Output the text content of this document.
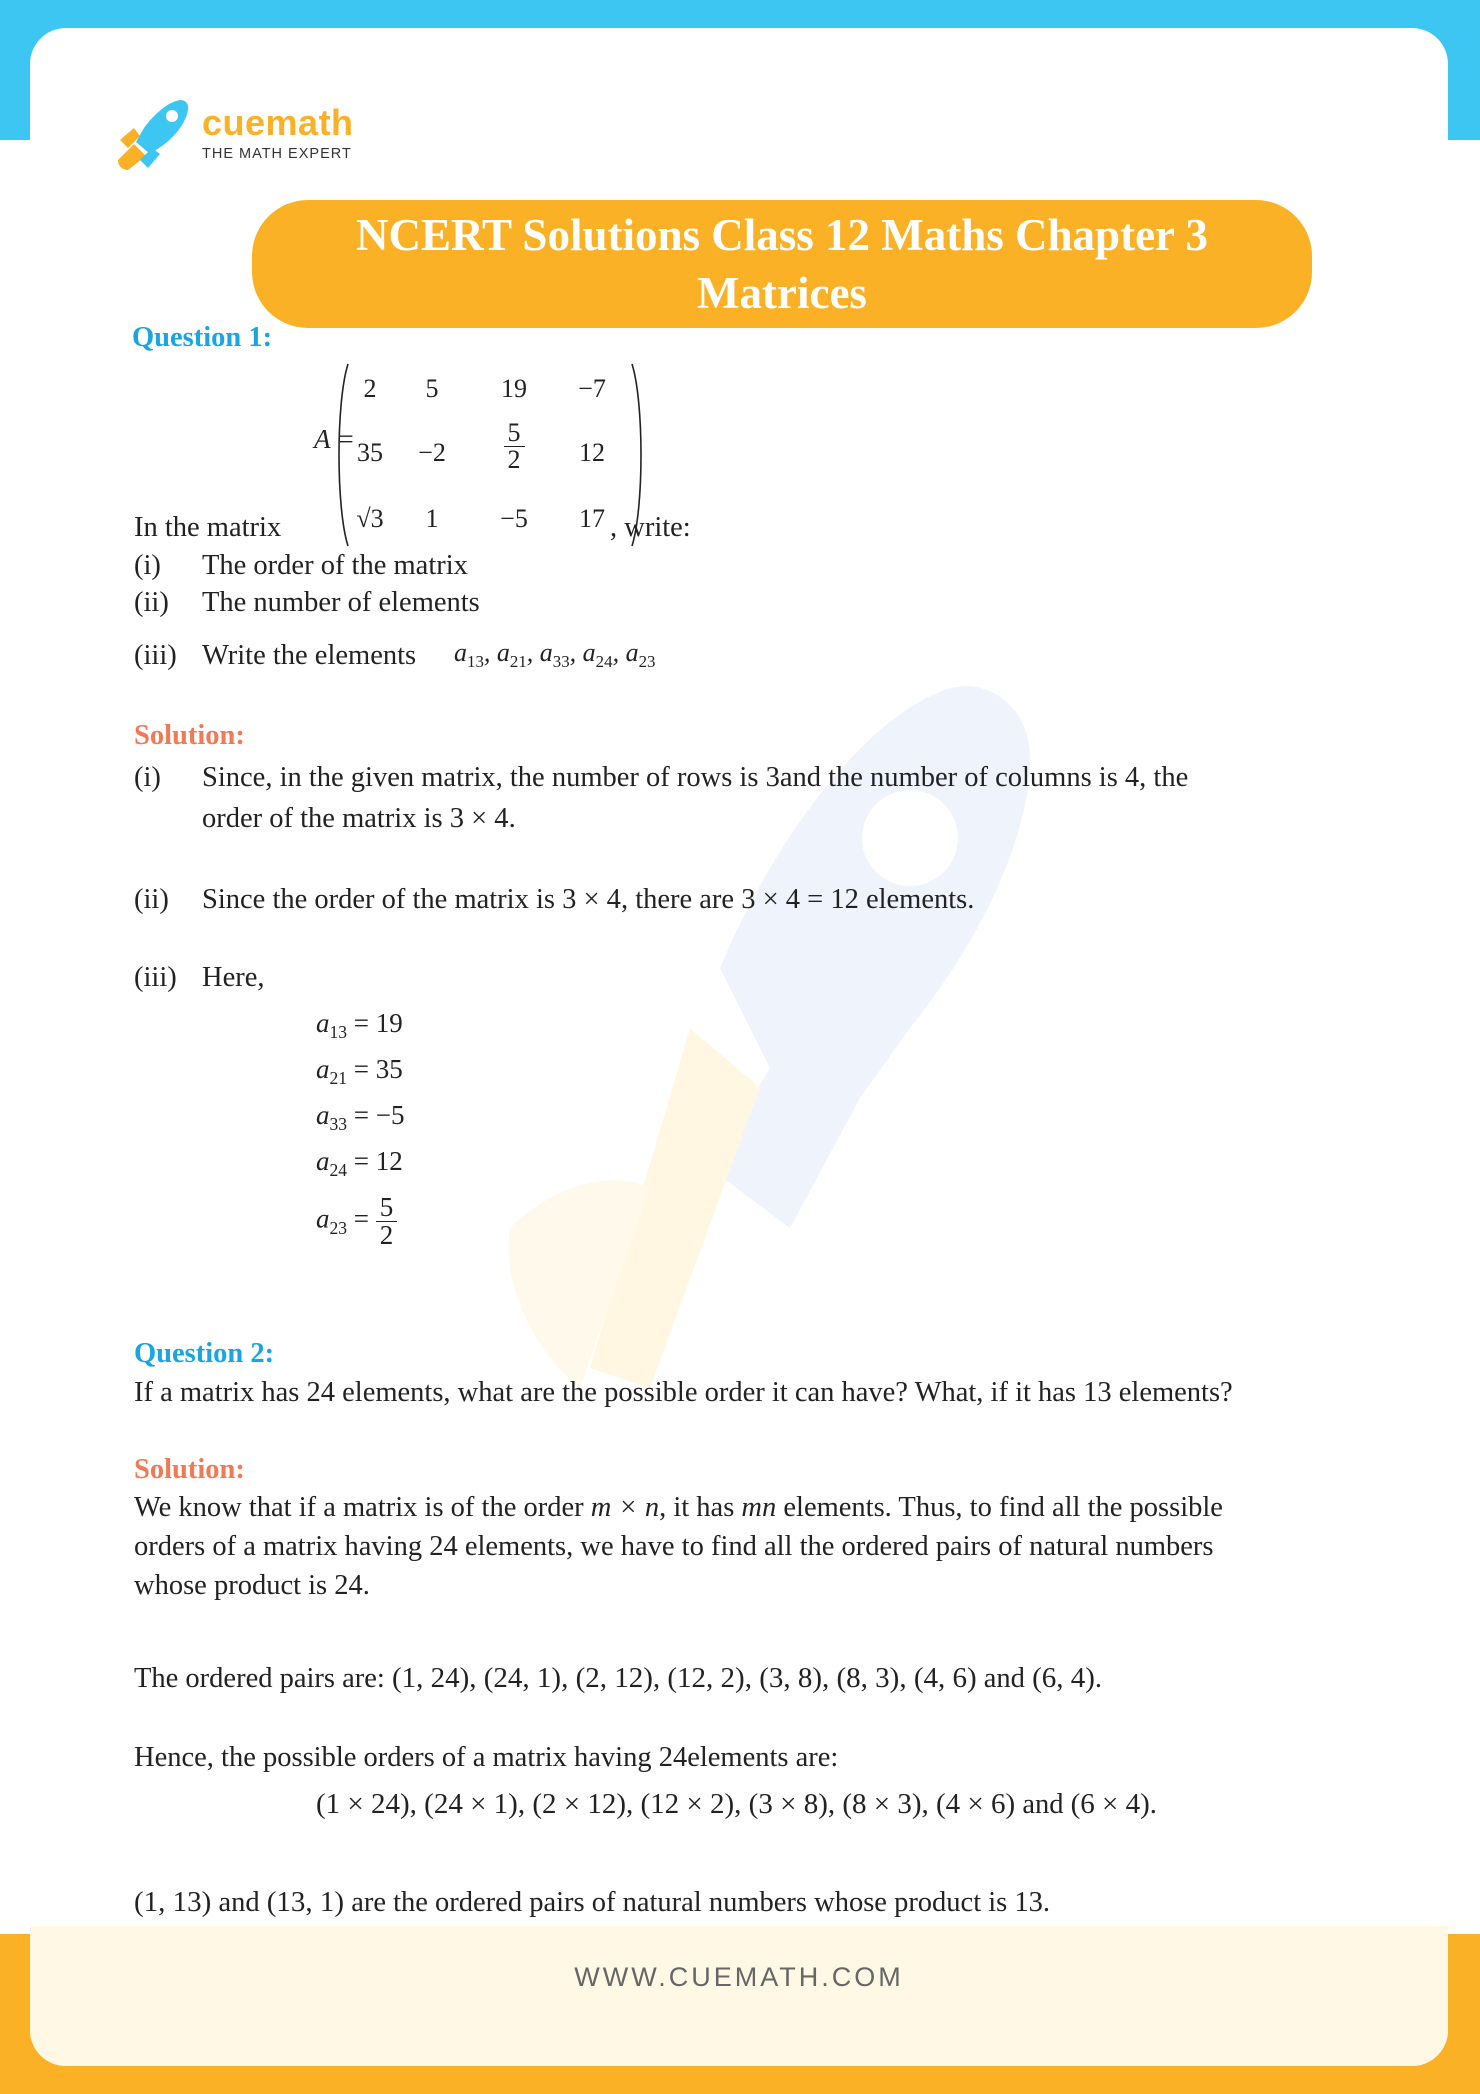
cuemath
THE MATH EXPERT
NCERT Solutions Class 12 Maths Chapter 3
Matrices
Question 1:
A =
2	5	19	−7
35	−2	$\frac{5}{2}$	12
√3	1	−5	17
In the matrix	, write:
(i) The order of the matrix
(ii) The number of elements
(iii) Write the elements $a_{13}$, $a_{21}$, $a_{33}$, $a_{24}$, $a_{23}$
Solution:
(i) Since, in the given matrix, the number of rows is 3and the number of columns is 4, the
order of the matrix is 3 × 4.
(ii) Since the order of the matrix is 3 × 4, there are 3 × 4 = 12 elements.
(iii) Here,
$a_{13} = 19$
$a_{21} = 35$
$a_{33} = -5$
$a_{24} = 12$
$a_{23} = \frac{5}{2}$
Question 2:
If a matrix has 24 elements, what are the possible order it can have? What, if it has 13 elements?
Solution:
We know that if a matrix is of the order m × n, it has mn elements. Thus, to find all the possible
orders of a matrix having 24 elements, we have to find all the ordered pairs of natural numbers
whose product is 24.
The ordered pairs are: (1, 24), (24, 1), (2, 12), (12, 2), (3, 8), (8, 3), (4, 6) and (6, 4).
Hence, the possible orders of a matrix having 24elements are:
(1 × 24), (24 × 1), (2 × 12), (12 × 2), (3 × 8), (8 × 3), (4 × 6) and (6 × 4).
(1, 13) and (13, 1) are the ordered pairs of natural numbers whose product is 13.
WWW.CUEMATH.COM
